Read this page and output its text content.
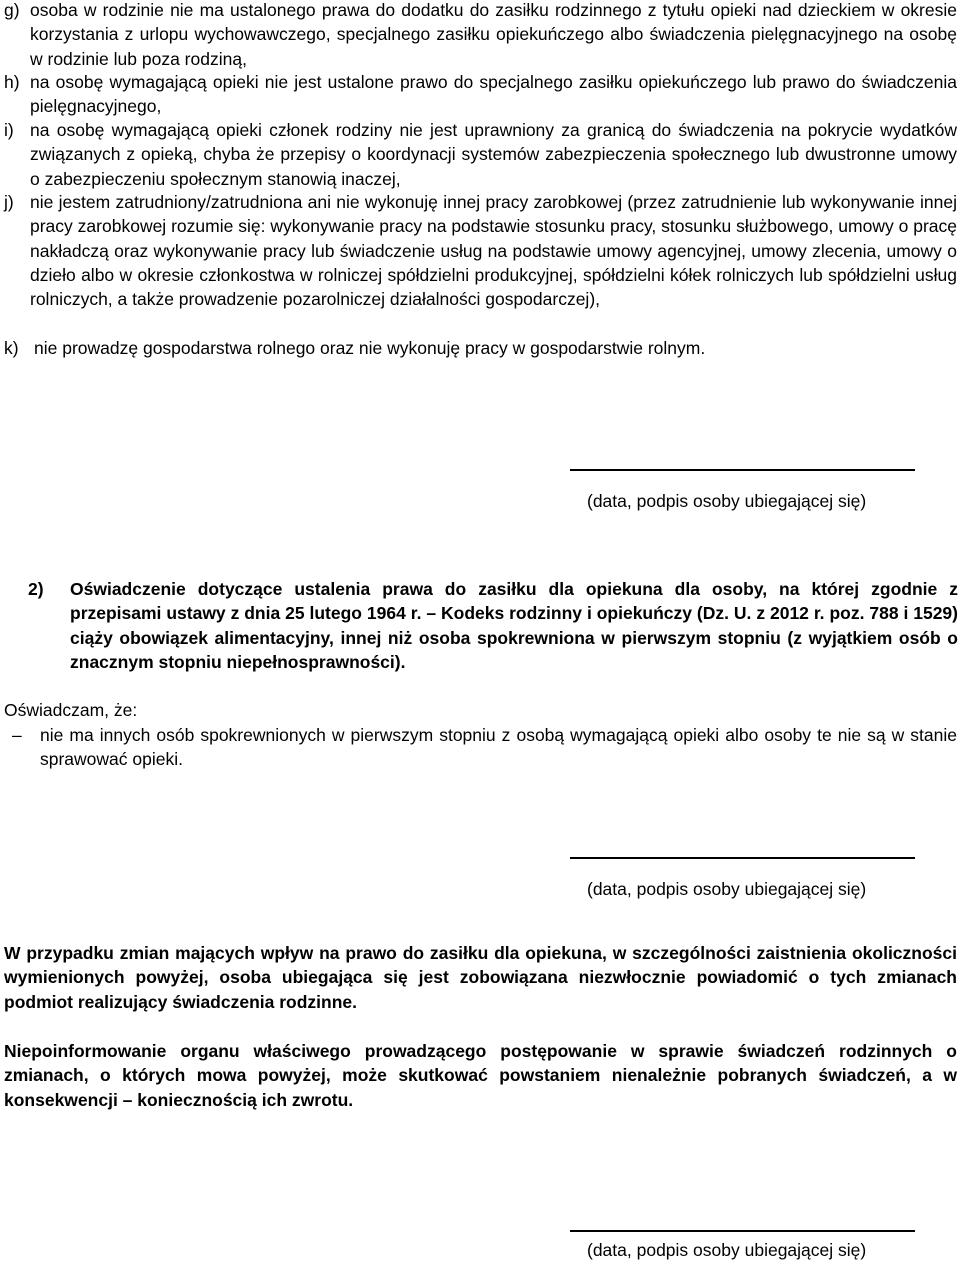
g) osoba w rodzinie nie ma ustalonego prawa do dodatku do zasiłku rodzinnego z tytułu opieki nad dzieckiem w okresie korzystania z urlopu wychowawczego, specjalnego zasiłku opiekuńczego albo świadczenia pielęgnacyjnego na osobę w rodzinie lub poza rodziną,
h) na osobę wymagającą opieki nie jest ustalone prawo do specjalnego zasiłku opiekuńczego lub prawo do świadczenia pielęgnacyjnego,
i) na osobę wymagającą opieki członek rodziny nie jest uprawniony za granicą do świadczenia na pokrycie wydatków związanych z opieką, chyba że przepisy o koordynacji systemów zabezpieczenia społecznego lub dwustronne umowy o zabezpieczeniu społecznym stanowią inaczej,
j) nie jestem zatrudniony/zatrudniona ani nie wykonuję innej pracy zarobkowej (przez zatrudnienie lub wykonywanie innej pracy zarobkowej rozumie się: wykonywanie pracy na podstawie stosunku pracy, stosunku służbowego, umowy o pracę nakładczą oraz wykonywanie pracy lub świadczenie usług na podstawie umowy agencyjnej, umowy zlecenia, umowy o dzieło albo w okresie członkostwa w rolniczej spółdzielni produkcyjnej, spółdzielni kółek rolniczych lub spółdzielni usług rolniczych, a także prowadzenie pozarolniczej działalności gospodarczej),
k) nie prowadzę gospodarstwa rolnego oraz nie wykonuję pracy w gospodarstwie rolnym.
(data, podpis osoby ubiegającej się)
2)	Oświadczenie dotyczące ustalenia prawa do zasiłku dla opiekuna dla osoby, na której zgodnie z przepisami ustawy z dnia 25 lutego 1964 r. – Kodeks rodzinny i opiekuńczy (Dz. U. z 2012 r. poz. 788 i 1529) ciąży obowiązek alimentacyjny, innej niż osoba spokrewniona w pierwszym stopniu (z wyjątkiem osób o znacznym stopniu niepełnosprawności).

Oświadczam, że:

–	nie ma innych osób spokrewnionych w pierwszym stopniu z osobą wymagającą opieki albo osoby te nie są w stanie sprawować opieki.
(data, podpis osoby ubiegającej się)

W przypadku zmian mających wpływ na prawo do zasiłku dla opiekuna, w szczególności zaistnienia okoliczności wymienionych powyżej, osoba ubiegająca się jest zobowiązana niezwłocznie powiadomić o tych zmianach podmiot realizujący świadczenia rodzinne.

Niepoinformowanie organu właściwego prowadzącego postępowanie w sprawie świadczeń rodzinnych o zmianach, o których mowa powyżej, może skutkować powstaniem nienależnie pobranych świadczeń, a w konsekwencji – koniecznością ich zwrotu.

(data, podpis osoby ubiegającej się)
